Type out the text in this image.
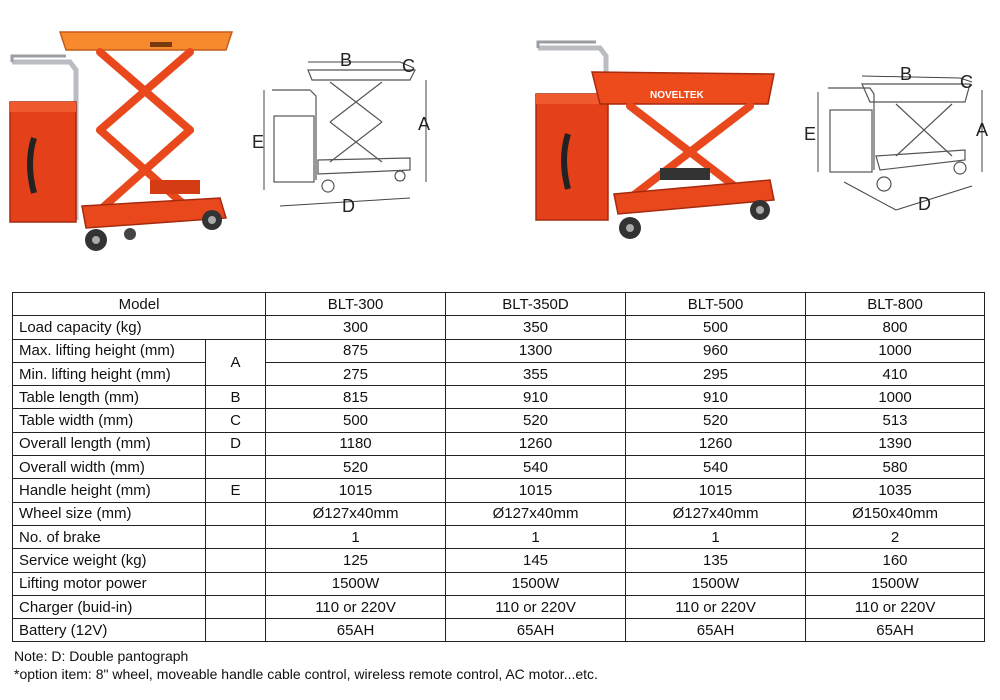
B	C
A
E
D
NOVELTEK
B	C
A
E
D
Model		BLT-300	BLT-350D	BLT-500	BLT-800
Load capacity (kg)		300	350	500	800
Max. lifting height (mm)	A	875	1300	960	1000
Min. lifting height (mm)		275	355	295	410
Table length (mm)	B	815	910	910	1000
Table width (mm)	C	500	520	520	513
Overall length (mm)	D	1180	1260	1260	1390
Overall width (mm)		520	540	540	580
Handle height (mm)	E	1015	1015	1015	1035
Wheel size (mm)		Ø127x40mm	Ø127x40mm	Ø127x40mm	Ø150x40mm
No. of brake		1	1	1	2
Service weight (kg)		125	145	135	160
Lifting motor power		1500W	1500W	1500W	1500W
Charger (buid-in)		110 or 220V	110 or 220V	110 or 220V	110 or 220V
Battery (12V)		65AH	65AH	65AH	65AH
Note: D: Double pantograph
*option item: 8" wheel, moveable handle cable control, wireless remote control, AC motor...etc.
